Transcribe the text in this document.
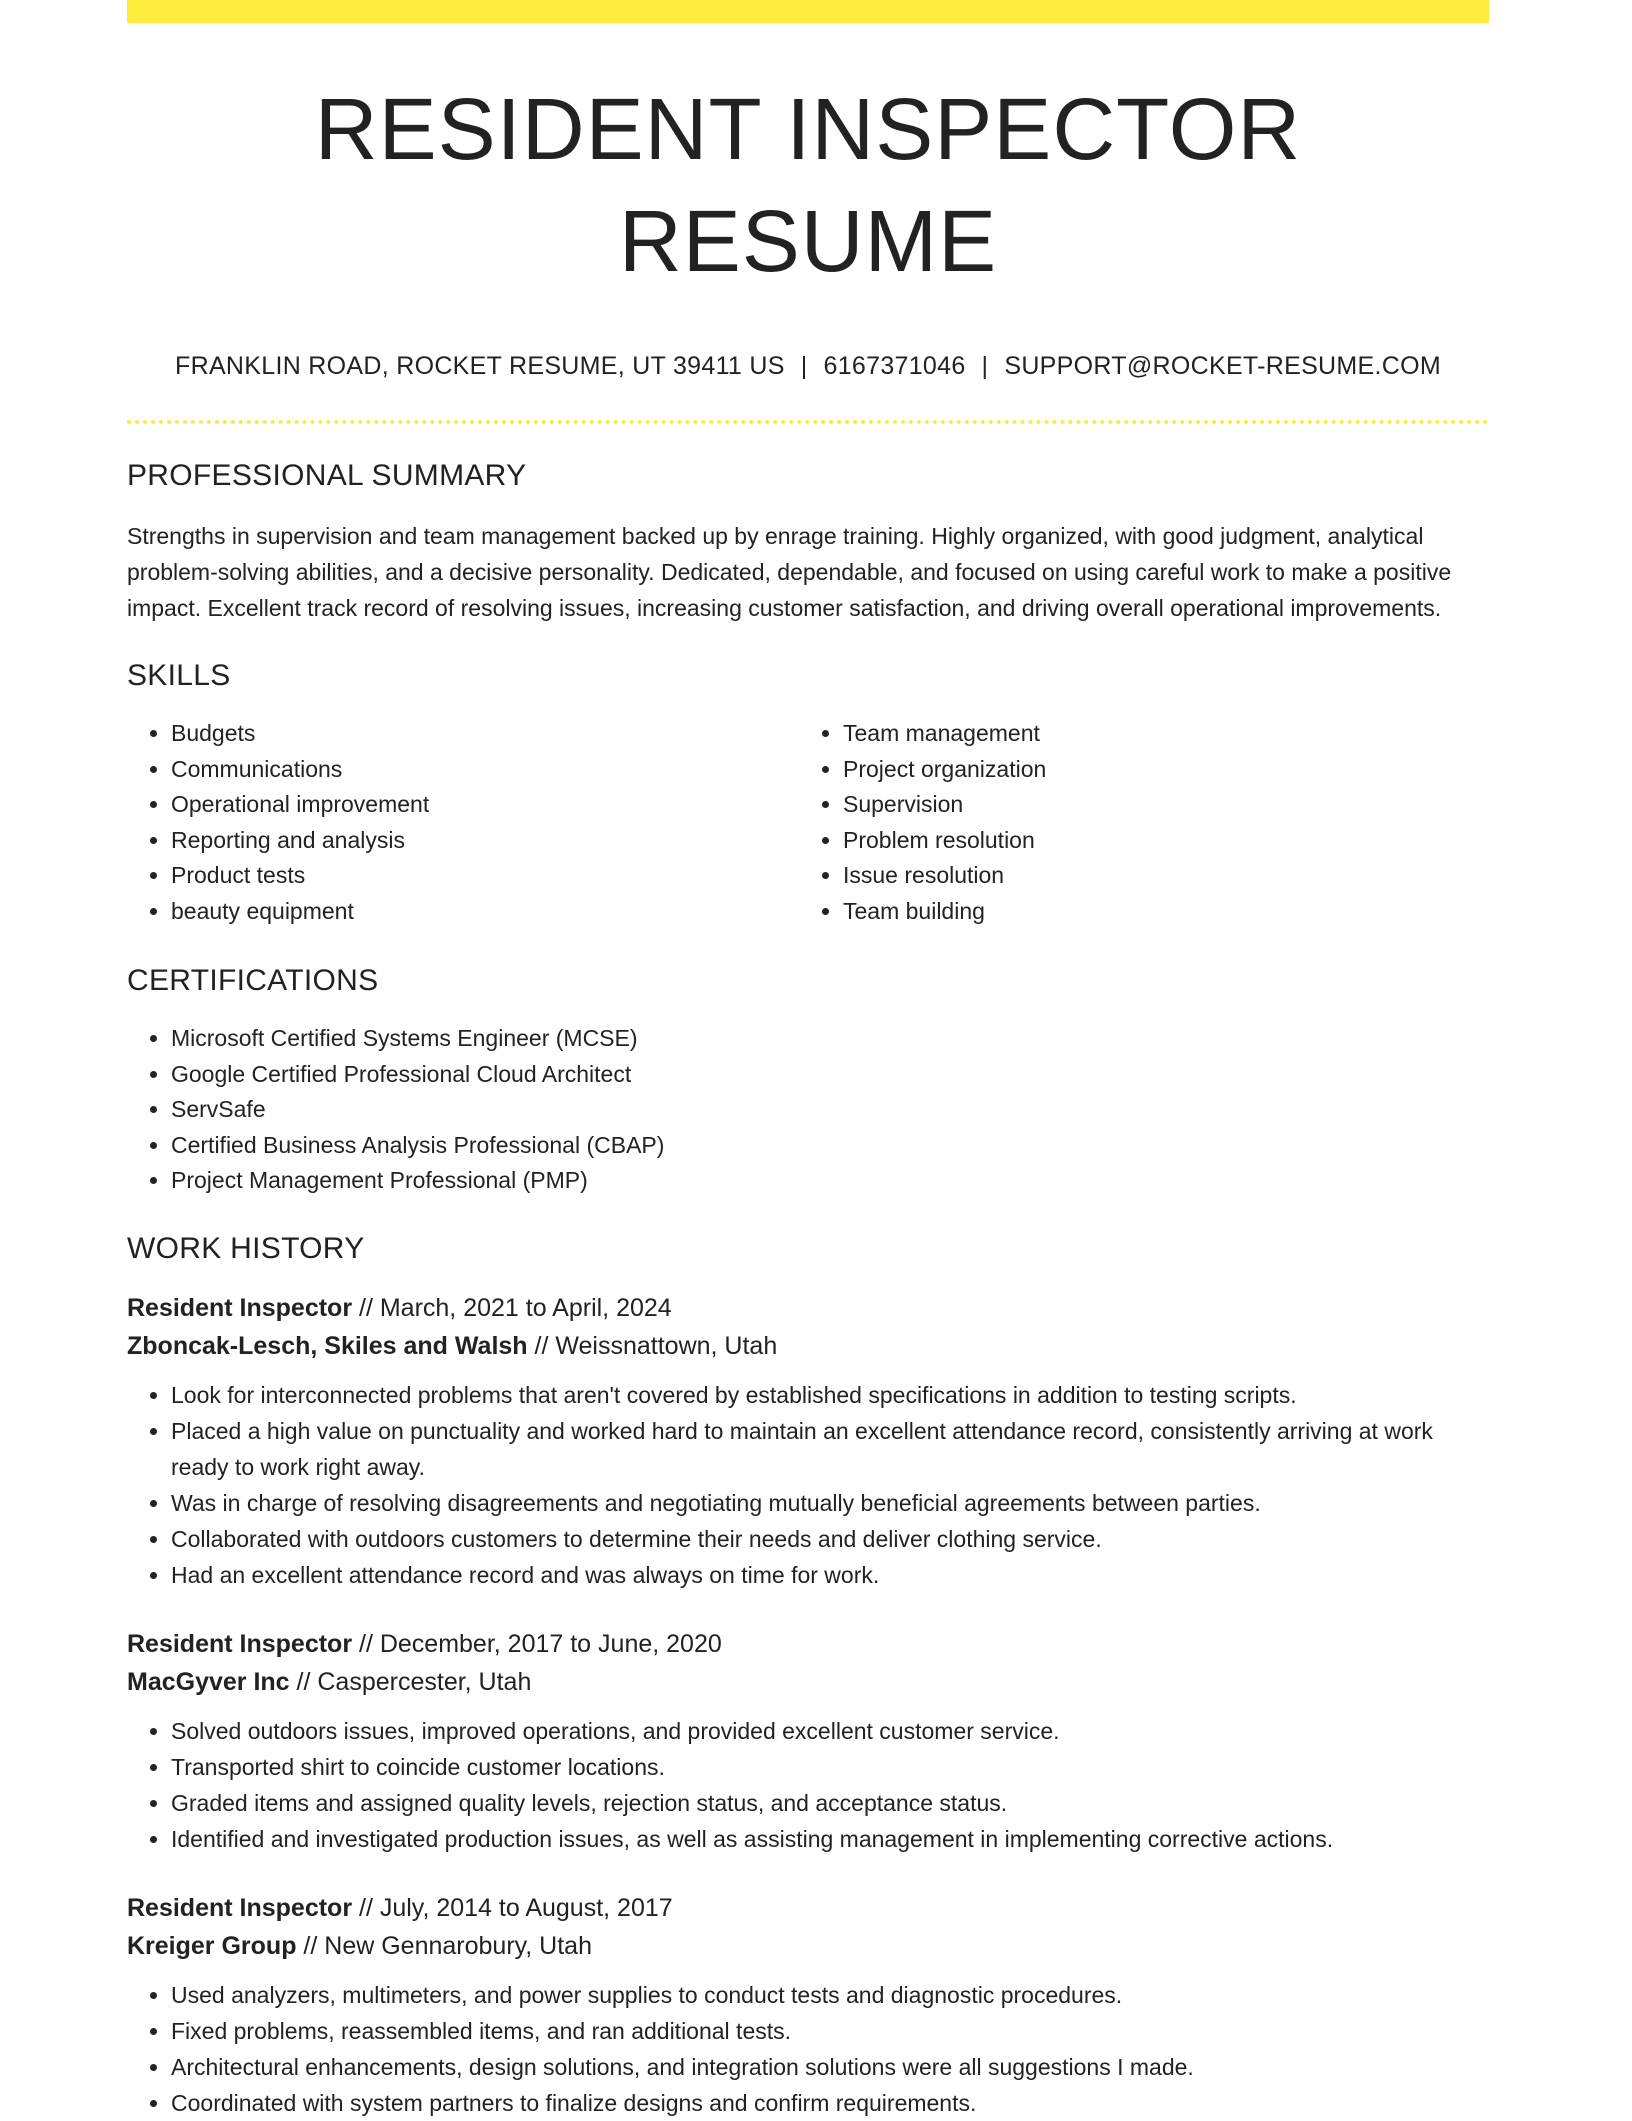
RESIDENT INSPECTOR RESUME
FRANKLIN ROAD, ROCKET RESUME, UT 39411 US | 6167371046 | SUPPORT@ROCKET-RESUME.COM
PROFESSIONAL SUMMARY

Strengths in supervision and team management backed up by enrage training. Highly organized, with good judgment, analytical problem-solving abilities, and a decisive personality. Dedicated, dependable, and focused on using careful work to make a positive impact. Excellent track record of resolving issues, increasing customer satisfaction, and driving overall operational improvements.

SKILLS
• Budgets
• Communications
• Operational improvement
• Reporting and analysis
• Product tests
• beauty equipment
• Team management
• Project organization
• Supervision
• Problem resolution
• Issue resolution
• Team building
CERTIFICATIONS
• Microsoft Certified Systems Engineer (MCSE)
• Google Certified Professional Cloud Architect
• ServSafe
• Certified Business Analysis Professional (CBAP)
• Project Management Professional (PMP)
WORK HISTORY
Resident Inspector // March, 2021 to April, 2024
Zboncak-Lesch, Skiles and Walsh // Weissnattown, Utah
• Look for interconnected problems that aren't covered by established specifications in addition to testing scripts.
• Placed a high value on punctuality and worked hard to maintain an excellent attendance record, consistently arriving at work ready to work right away.
• Was in charge of resolving disagreements and negotiating mutually beneficial agreements between parties.
• Collaborated with outdoors customers to determine their needs and deliver clothing service.
• Had an excellent attendance record and was always on time for work.
Resident Inspector // December, 2017 to June, 2020
MacGyver Inc // Caspercester, Utah
• Solved outdoors issues, improved operations, and provided excellent customer service.
• Transported shirt to coincide customer locations.
• Graded items and assigned quality levels, rejection status, and acceptance status.
• Identified and investigated production issues, as well as assisting management in implementing corrective actions.
Resident Inspector // July, 2014 to August, 2017
Kreiger Group // New Gennarobury, Utah
• Used analyzers, multimeters, and power supplies to conduct tests and diagnostic procedures.
• Fixed problems, reassembled items, and ran additional tests.
• Architectural enhancements, design solutions, and integration solutions were all suggestions I made.
• Coordinated with system partners to finalize designs and confirm requirements.
